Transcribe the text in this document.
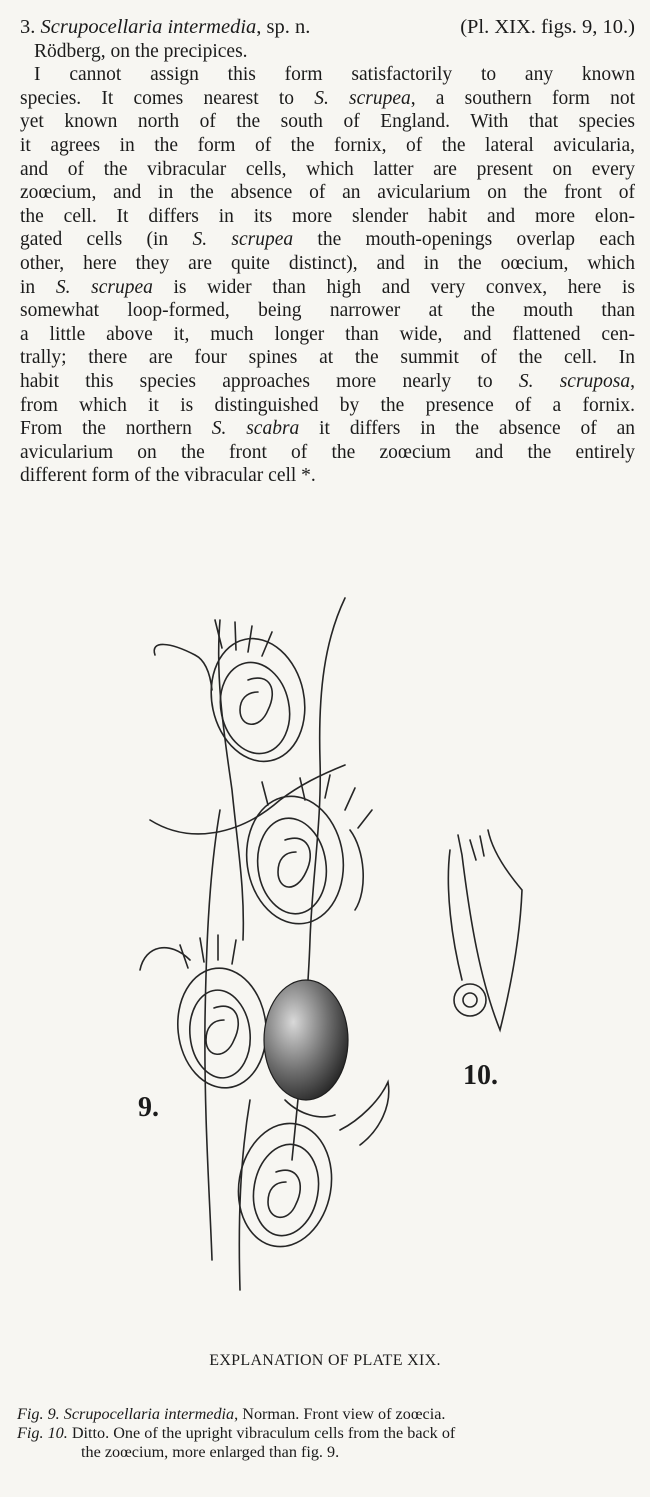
3. Scrupocellaria intermedia, sp. n.	(Pl. XIX. figs. 9, 10.)
Rödberg, on the precipices.
I cannot assign this form satisfactorily to any known
species. It comes nearest to S. scrupea, a southern form not
yet known north of the south of England. With that species
it agrees in the form of the fornix, of the lateral avicularia,
and of the vibracular cells, which latter are present on every
zoœcium, and in the absence of an avicularium on the front of
the cell. It differs in its more slender habit and more elon-
gated cells (in S. scrupea the mouth-openings overlap each
other, here they are quite distinct), and in the oœcium, which
in S. scrupea is wider than high and very convex, here is
somewhat loop-formed, being narrower at the mouth than
a little above it, much longer than wide, and flattened cen-
trally; there are four spines at the summit of the cell. In
habit this species approaches more nearly to S. scruposa,
from which it is distinguished by the presence of a fornix.
From the northern S. scabra it differs in the absence of an
avicularium on the front of the zoœcium and the entirely
different form of the vibracular cell *.
9.
10.
EXPLANATION OF PLATE XIX.
Fig. 9. Scrupocellaria intermedia, Norman. Front view of zoœcia.
Fig. 10. Ditto. One of the upright vibraculum cells from the back of
the zoœcium, more enlarged than fig. 9.
